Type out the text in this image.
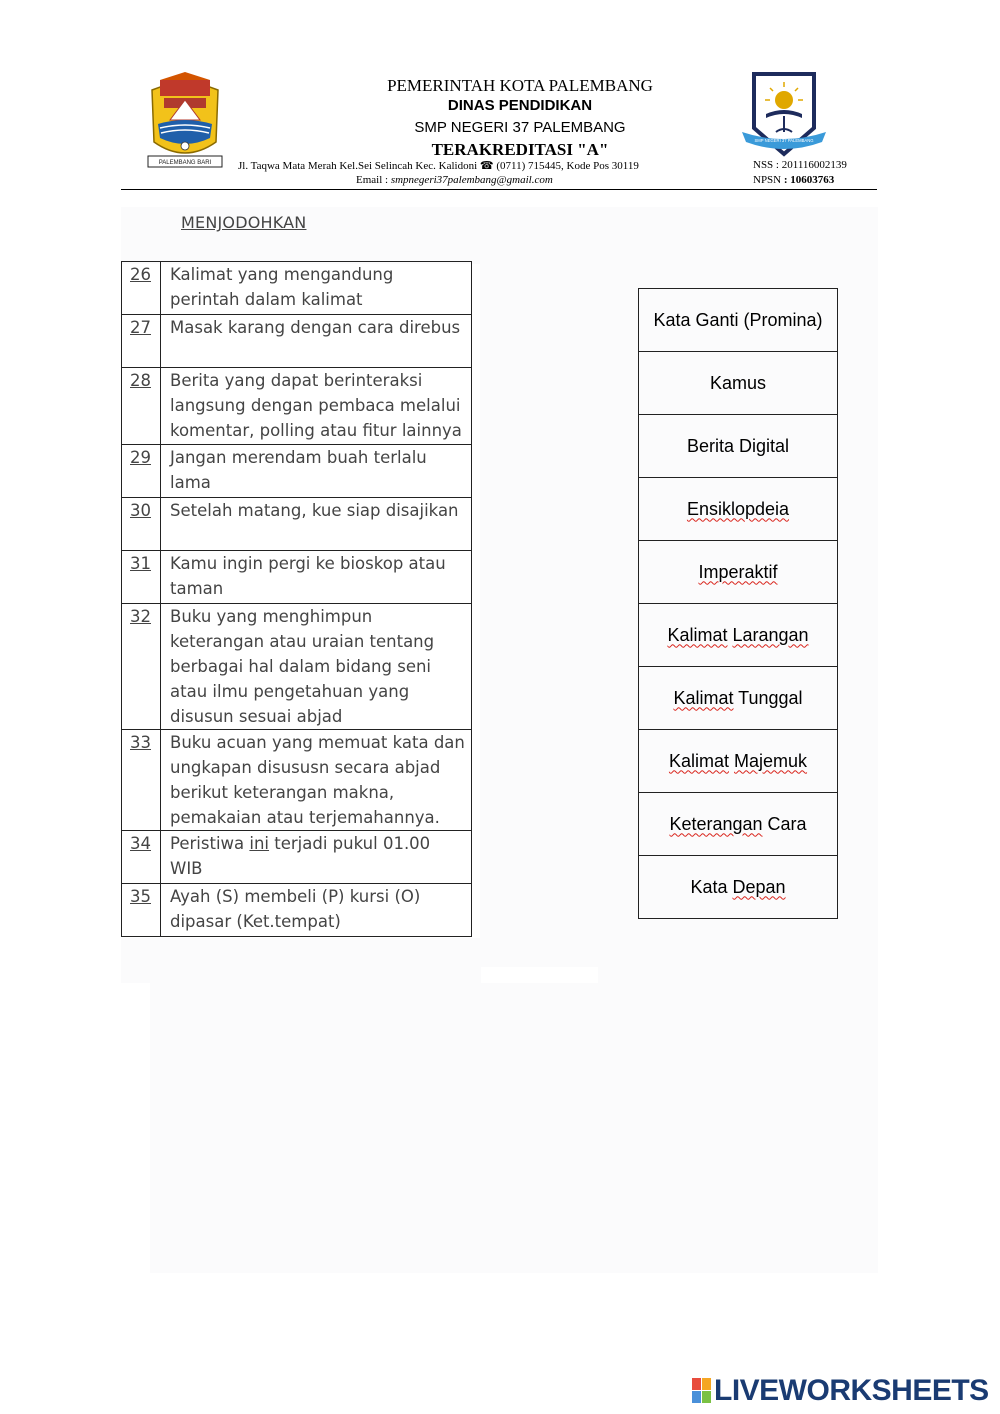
PALEMBANG BARI
PEMERINTAH KOTA PALEMBANG
DINAS PENDIDIKAN
SMP NEGERI 37 PALEMBANG
TERAKREDITASI "A"
Jl. Taqwa Mata Merah Kel.Sei Selincah Kec. Kalidoni ☎ (0711) 715445, Kode Pos 30119
Email : smpnegeri37palembang@gmail.com
NSS : 201116002139
NPSN : 10603763
SMP NEGERI 37 PALEMBANG
MENJODOHKAN
26	Kalimat yang mengandung perintah dalam kalimat
27	Masak karang dengan cara direbus
28	Berita yang dapat berinteraksi langsung dengan pembaca melalui komentar, polling atau fitur lainnya
29	Jangan merendam buah terlalu lama
30	Setelah matang, kue siap disajikan
31	Kamu ingin pergi ke bioskop atau taman
32	Buku yang menghimpun keterangan atau uraian tentang berbagai hal dalam bidang seni atau ilmu pengetahuan yang disusun sesuai abjad
33	Buku acuan yang memuat kata dan ungkapan disususn secara abjad berikut keterangan makna, pemakaian atau terjemahannya.
34	Peristiwa ini terjadi pukul 01.00 WIB
35	Ayah (S) membeli (P) kursi (O) dipasar (Ket.tempat)
Kata Ganti (Promina)
Kamus
Berita Digital
Ensiklopdeia
Imperaktif
Kalimat
Larangan
Kalimat Tunggal
Kalimat
Majemuk
Keterangan Cara
Kata Depan
LIVEWORKSHEETS
